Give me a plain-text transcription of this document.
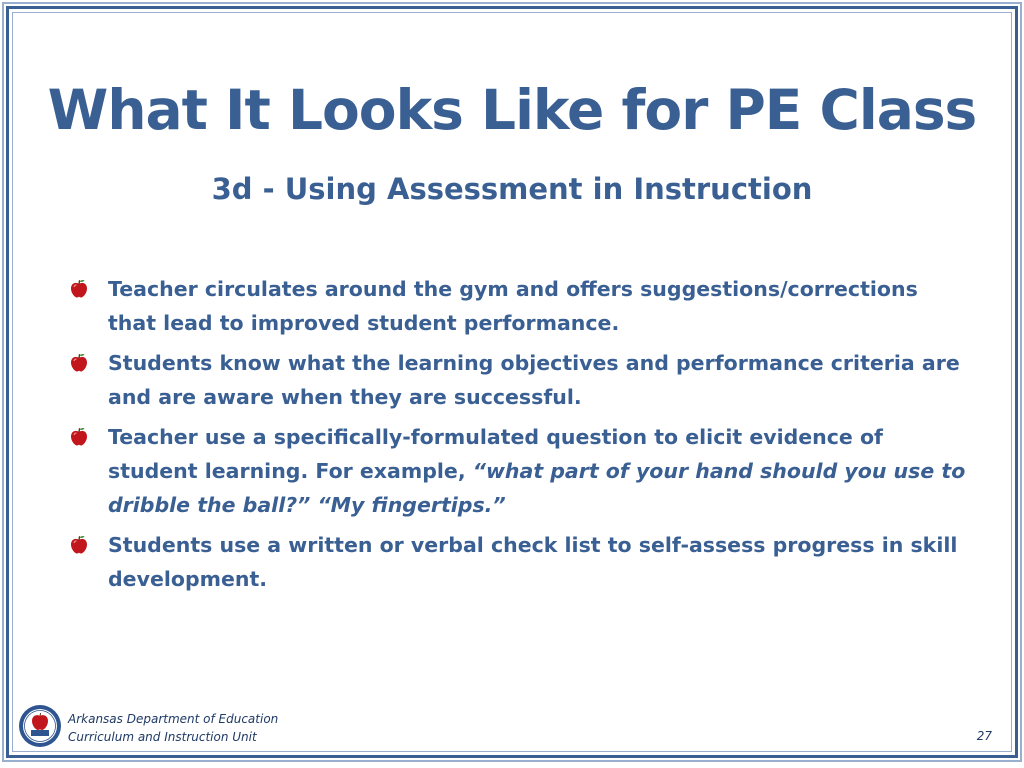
What It Looks Like for PE Class
3d - Using Assessment in Instruction
Teacher circulates around the gym and offers suggestions/corrections that lead to improved student performance.
Students know what the learning objectives and performance criteria are and are aware when they are successful.
Teacher use a specifically-formulated question to elicit evidence of student learning. For example, “what part of your hand should you use to dribble the ball?” “My fingertips.”
Students use a written or verbal check list to self-assess progress in skill development.
Arkansas Department of Education
Curriculum and Instruction Unit	27
